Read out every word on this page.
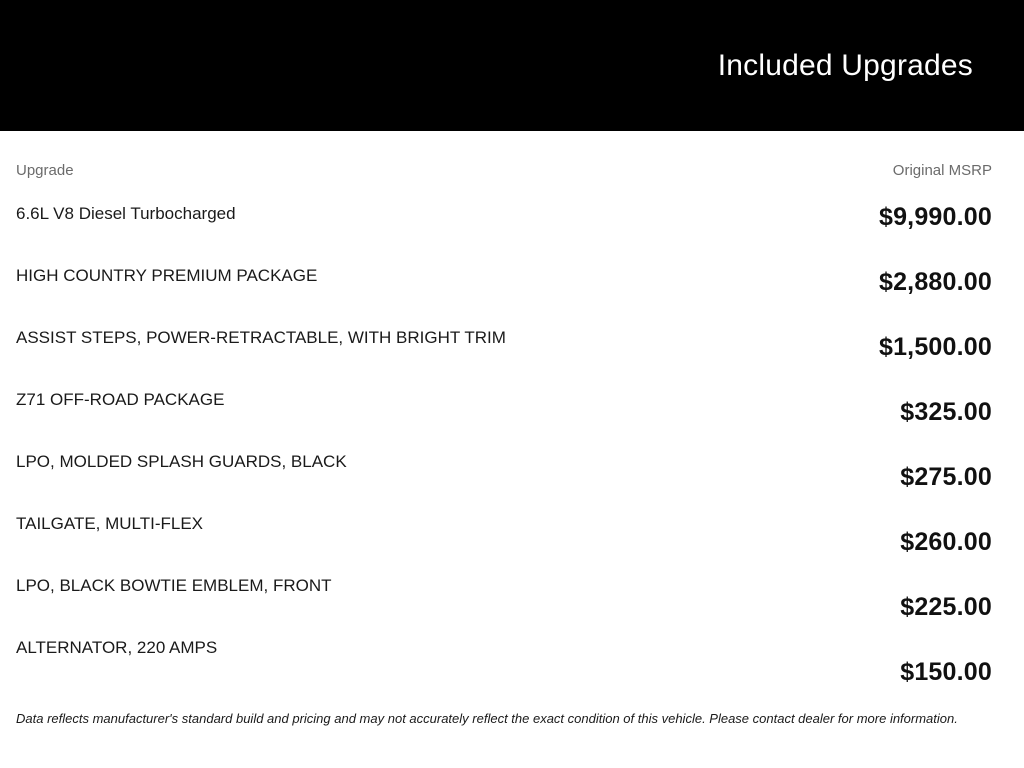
Included Upgrades
Upgrade	Original MSRP
6.6L V8 Diesel Turbocharged
HIGH COUNTRY PREMIUM PACKAGE
ASSIST STEPS, POWER-RETRACTABLE, WITH BRIGHT TRIM
Z71 OFF-ROAD PACKAGE
LPO, MOLDED SPLASH GUARDS, BLACK
TAILGATE, MULTI-FLEX
LPO, BLACK BOWTIE EMBLEM, FRONT
ALTERNATOR, 220 AMPS
$9,990.00
$2,880.00
$1,500.00
$325.00
$275.00
$260.00
$225.00
$150.00
Data reflects manufacturer's standard build and pricing and may not accurately reflect the exact condition of this vehicle. Please contact dealer for more information.
